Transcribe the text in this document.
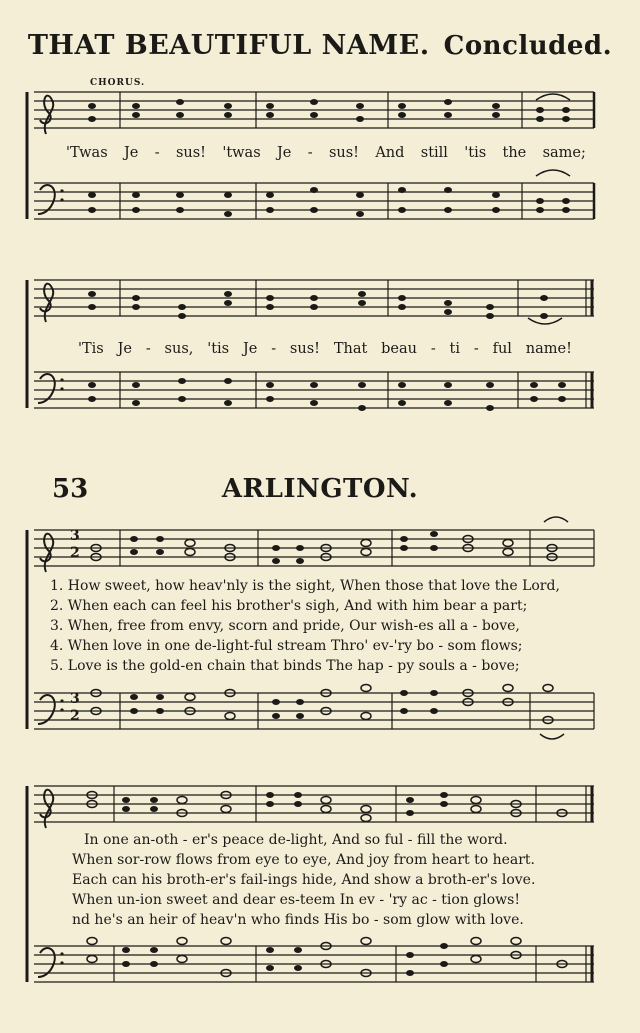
THAT BEAUTIFUL NAME. Concluded.
CHORUS.
3
2
3
2
'Twas Je - sus! 'twas Je - sus! And still 'tis the same;
'Tis Je - sus, 'tis Je - sus! That beau - ti - ful name!
53	ARLINGTON.
1. How sweet, how heav'nly is the sight, When those that love the Lord,
2. When each can feel his brother's sigh, And with him bear a part;
3. When, free from envy, scorn and pride, Our wish-es all a - bove,
4. When love in one de-light-ful stream Thro' ev-'ry bo - som flows;
5. Love is the gold-en chain that binds The hap - py souls a - bove;
In one an-oth - er's peace de-light, And so ful - fill the word.
When sor-row flows from eye to eye, And joy from heart to heart.
Each can his broth-er's fail-ings hide, And show a broth-er's love.
When un-ion sweet and dear es-teem In ev - 'ry ac - tion glows!
nd he's an heir of heav'n who finds His bo - som glow with love.
